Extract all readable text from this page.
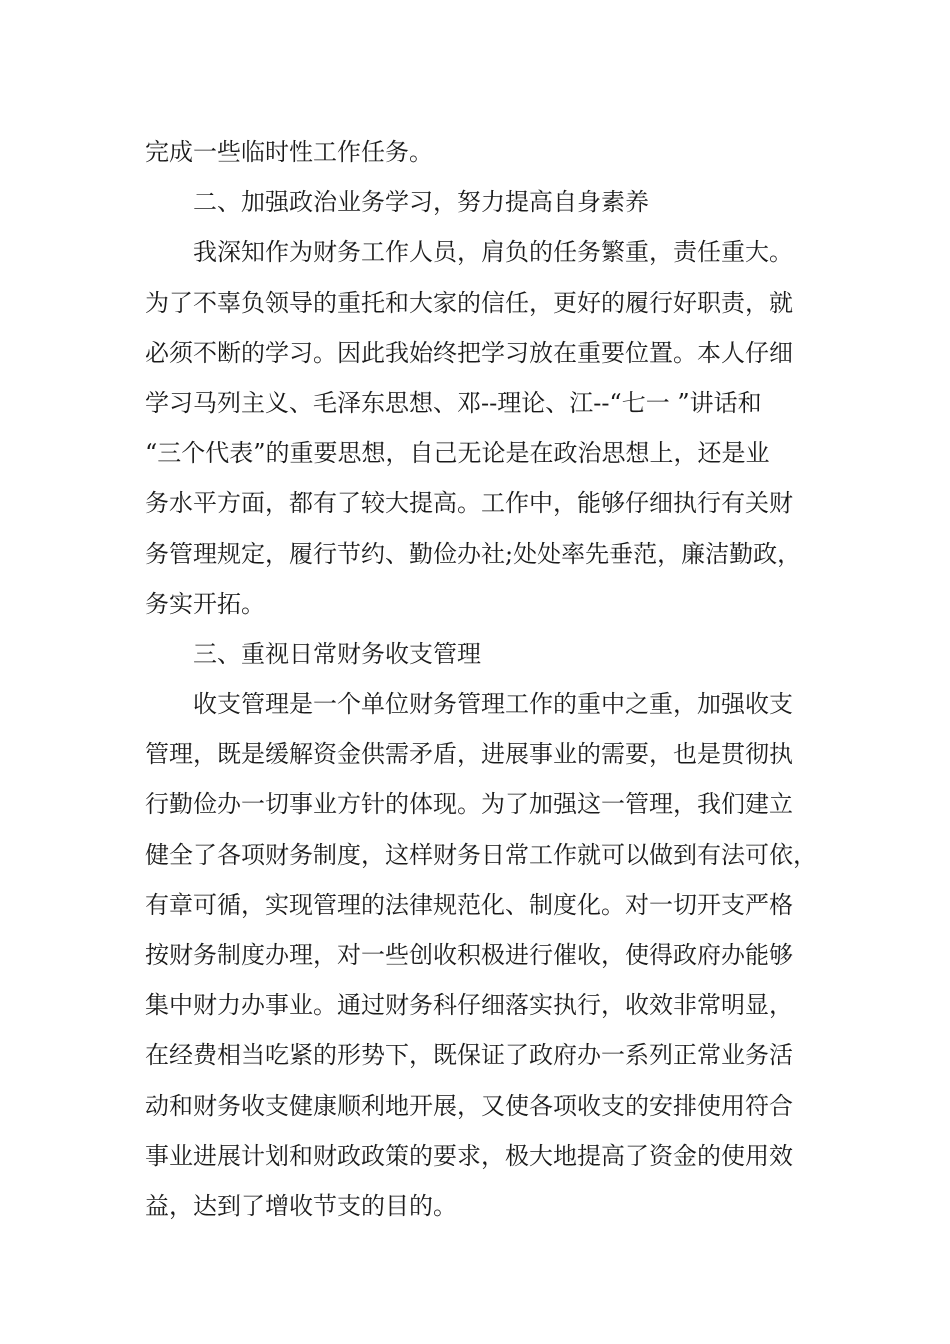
完成一些临时性工作任务。
二、加强政治业务学习，努力提高自身素养
我深知作为财务工作人员，肩负的任务繁重，责任重大。
为了不辜负领导的重托和大家的信任，更好的履行好职责，就
必须不断的学习。因此我始终把学习放在重要位置。本人仔细
学习马列主义、毛泽东思想、邓--理论、江--“七一 ”讲话和
“三个代表”的重要思想，自己无论是在政治思想上，还是业
务水平方面，都有了较大提高。工作中，能够仔细执行有关财
务管理规定，履行节约、勤俭办社;处处率先垂范，廉洁勤政，
务实开拓。
三、重视日常财务收支管理
收支管理是一个单位财务管理工作的重中之重，加强收支
管理，既是缓解资金供需矛盾，进展事业的需要，也是贯彻执
行勤俭办一切事业方针的体现。为了加强这一管理，我们建立
健全了各项财务制度，这样财务日常工作就可以做到有法可依，
有章可循，实现管理的法律规范化、制度化。对一切开支严格
按财务制度办理，对一些创收积极进行催收，使得政府办能够
集中财力办事业。通过财务科仔细落实执行，收效非常明显，
在经费相当吃紧的形势下，既保证了政府办一系列正常业务活
动和财务收支健康顺利地开展，又使各项收支的安排使用符合
事业进展计划和财政政策的要求，极大地提高了资金的使用效
益，达到了增收节支的目的。
